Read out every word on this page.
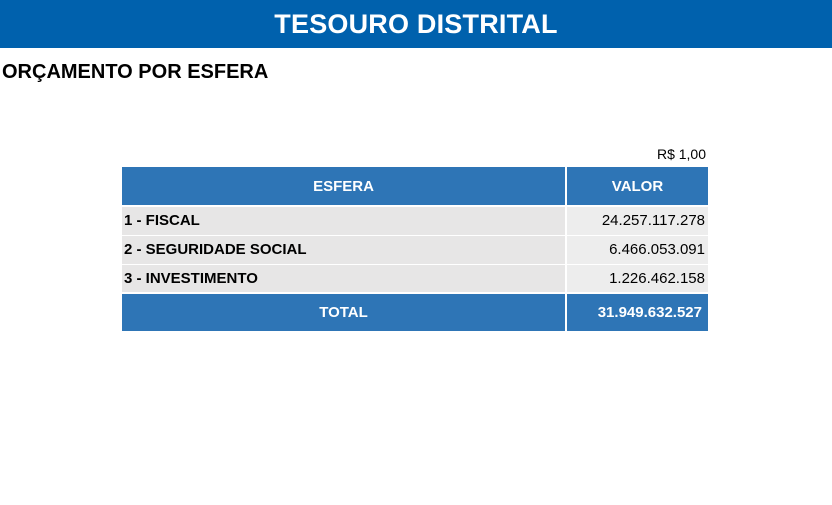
TESOURO DISTRITAL
ORÇAMENTO POR ESFERA
R$ 1,00
ESFERA	VALOR
1 - FISCAL	24.257.117.278
2 - SEGURIDADE SOCIAL	6.466.053.091
3 - INVESTIMENTO	1.226.462.158
TOTAL	31.949.632.527
